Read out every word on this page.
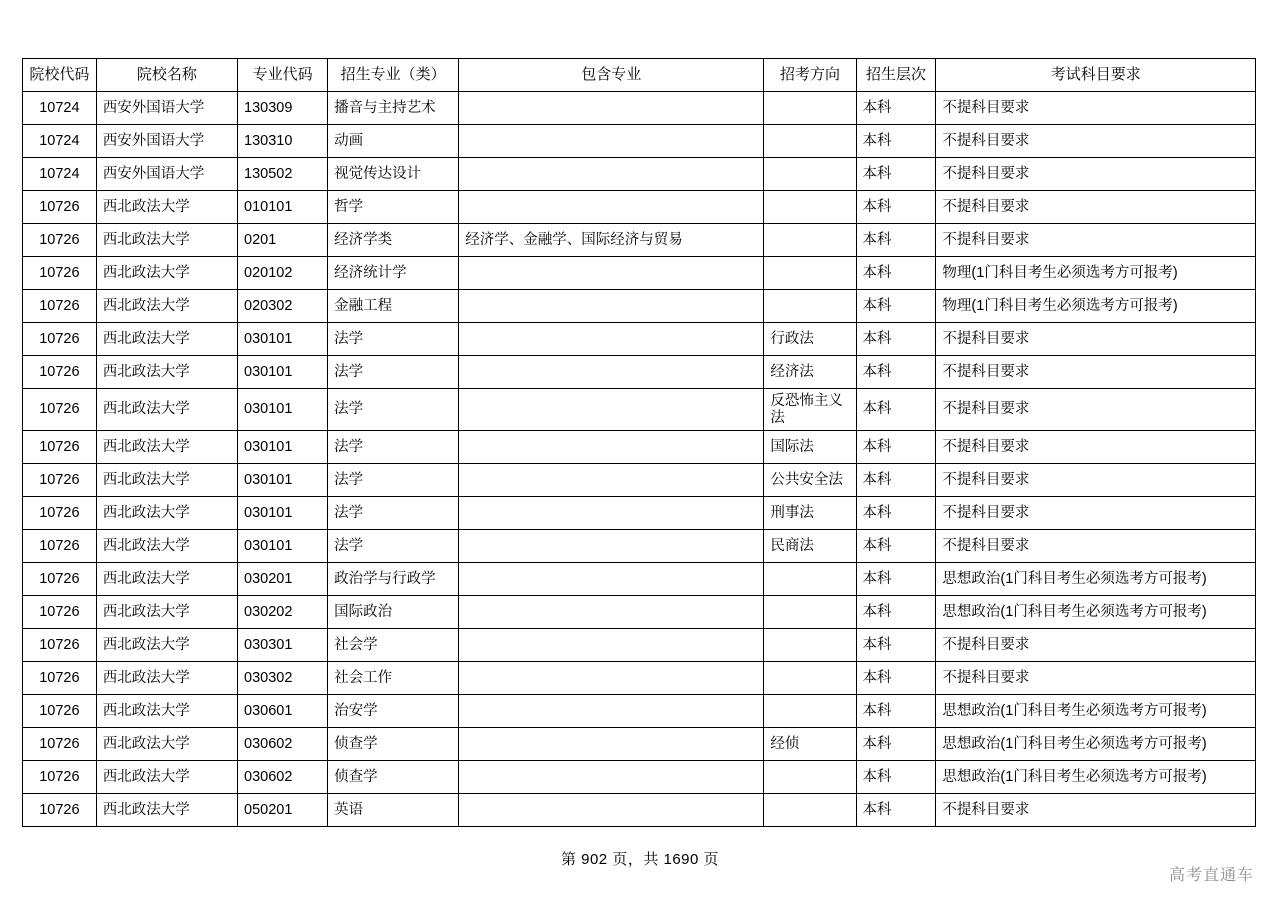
院校代码	院校名称	专业代码	招生专业（类）	包含专业	招考方向	招生层次	考试科目要求
10724	西安外国语大学	130309	播音与主持艺术			本科	不提科目要求
10724	西安外国语大学	130310	动画			本科	不提科目要求
10724	西安外国语大学	130502	视觉传达设计			本科	不提科目要求
10726	西北政法大学	010101	哲学			本科	不提科目要求
10726	西北政法大学	0201	经济学类	经济学、金融学、国际经济与贸易		本科	不提科目要求
10726	西北政法大学	020102	经济统计学			本科	物理(1门科目考生必须选考方可报考)
10726	西北政法大学	020302	金融工程			本科	物理(1门科目考生必须选考方可报考)
10726	西北政法大学	030101	法学		行政法	本科	不提科目要求
10726	西北政法大学	030101	法学		经济法	本科	不提科目要求
10726	西北政法大学	030101	法学		反恐怖主义法	本科	不提科目要求
10726	西北政法大学	030101	法学		国际法	本科	不提科目要求
10726	西北政法大学	030101	法学		公共安全法	本科	不提科目要求
10726	西北政法大学	030101	法学		刑事法	本科	不提科目要求
10726	西北政法大学	030101	法学		民商法	本科	不提科目要求
10726	西北政法大学	030201	政治学与行政学			本科	思想政治(1门科目考生必须选考方可报考)
10726	西北政法大学	030202	国际政治			本科	思想政治(1门科目考生必须选考方可报考)
10726	西北政法大学	030301	社会学			本科	不提科目要求
10726	西北政法大学	030302	社会工作			本科	不提科目要求
10726	西北政法大学	030601	治安学			本科	思想政治(1门科目考生必须选考方可报考)
10726	西北政法大学	030602	侦查学		经侦	本科	思想政治(1门科目考生必须选考方可报考)
10726	西北政法大学	030602	侦查学			本科	思想政治(1门科目考生必须选考方可报考)
10726	西北政法大学	050201	英语			本科	不提科目要求
第 902 页，共 1690 页
高考直通车
